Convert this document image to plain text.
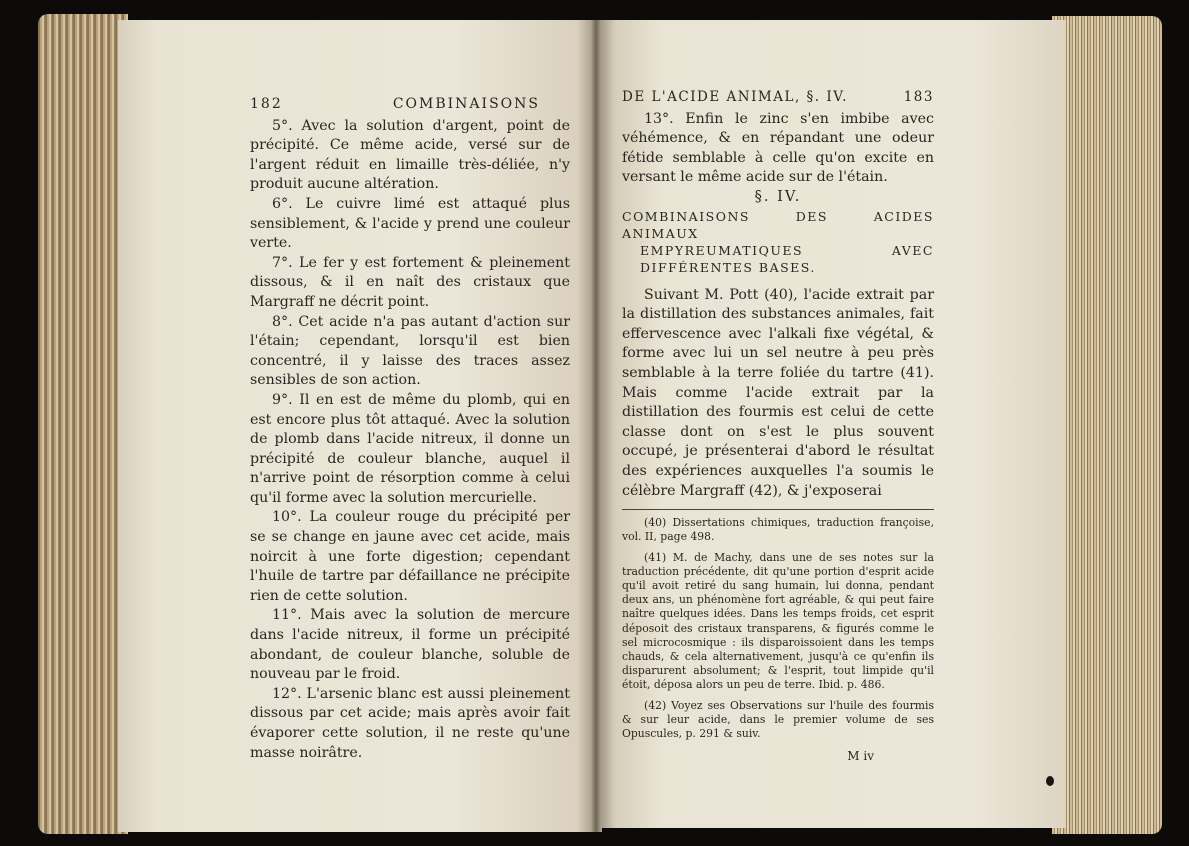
182	COMBINAISONS

5°. Avec la solution d'argent, point de précipité. Ce même acide, versé sur de l'argent réduit en limaille très-déliée, n'y produit aucune altération.

6°. Le cuivre limé est attaqué plus sensiblement, & l'acide y prend une couleur verte.

7°. Le fer y est fortement & pleinement dissous, & il en naît des cristaux que Margraff ne décrit point.

8°. Cet acide n'a pas autant d'action sur l'étain; cependant, lorsqu'il est bien concentré, il y laisse des traces assez sensibles de son action.

9°. Il en est de même du plomb, qui en est encore plus tôt attaqué. Avec la solution de plomb dans l'acide nitreux, il donne un précipité de couleur blanche, auquel il n'arrive point de résorption comme à celui qu'il forme avec la solution mercurielle.

10°. La couleur rouge du précipité per se se change en jaune avec cet acide, mais noircit à une forte digestion; cependant l'huile de tartre par défaillance ne précipite rien de cette solution.

11°. Mais avec la solution de mercure dans l'acide nitreux, il forme un précipité abondant, de couleur blanche, soluble de nouveau par le froid.

12°. L'arsenic blanc est aussi pleinement dissous par cet acide; mais après avoir fait évaporer cette solution, il ne reste qu'une masse noirâtre.

DE L'ACIDE ANIMAL, §. IV.	183

13°. Enfin le zinc s'en imbibe avec véhémence, & en répandant une odeur fétide semblable à celle qu'on excite en versant le même acide sur de l'étain.

§. IV.

COMBINAISONS DES ACIDES ANIMAUX
EMPYREUMATIQUES AVEC DIFFÉRENTES BASES.

Suivant M. Pott (40), l'acide extrait par la distillation des substances animales, fait effervescence avec l'alkali fixe végétal, & forme avec lui un sel neutre à peu près semblable à la terre foliée du tartre (41). Mais comme l'acide extrait par la distillation des fourmis est celui de cette classe dont on s'est le plus souvent occupé, je présenterai d'abord le résultat des expériences auxquelles l'a soumis le célèbre Margraff (42), & j'exposerai

(40) Dissertations chimiques, traduction françoise, vol. II, page 498.

(41) M. de Machy, dans une de ses notes sur la traduction précédente, dit qu'une portion d'esprit acide qu'il avoit retiré du sang humain, lui donna, pendant deux ans, un phénomène fort agréable, & qui peut faire naître quelques idées. Dans les temps froids, cet esprit déposoit des cristaux transparens, & figurés comme le sel microcosmique : ils disparoissoient dans les temps chauds, & cela alternativement, jusqu'à ce qu'enfin ils disparurent absolument; & l'esprit, tout limpide qu'il étoit, déposa alors un peu de terre. Ibid. p. 486.

(42) Voyez ses Observations sur l'huile des fourmis & sur leur acide, dans le premier volume de ses Opuscules, p. 291 & suiv.

M iv
